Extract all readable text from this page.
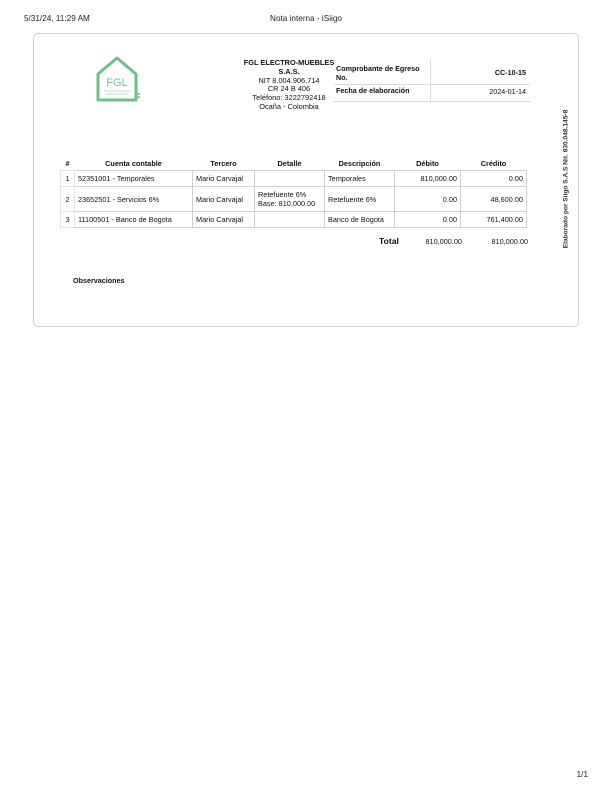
5/31/24, 11:29 AM	Nota interna - iSiigo
FGL
FGL ELECTRO-MUEBLES S.A.S.
NIT 8.004.906.714
CR 24 B 406
Teléfono: 3222792418
Ocaña - Colombia
Comprobante de Egreso No.
CC-10-15
Fecha de elaboración	2024-01-14
Elaborado por Siigo S.A.S Nit. 830.048.145-8
#	Cuenta contable	Tercero	Detalle	Descripción	Débito	Crédito
1	52351001 - Temporales	Mario Carvajal		Temporales	810,000.00	0.00
2	23652501 - Servicios 6%	Mario Carvajal	Retefuente 6%
Base: 810,000.00	Retefuente 6%	0.00	48,600.00
3	11100501 - Banco de Bogota	Mario Carvajal		Banco de Bogota	0.00	761,400.00
Total	810,000.00	810,000.00
Observaciones
1/1
